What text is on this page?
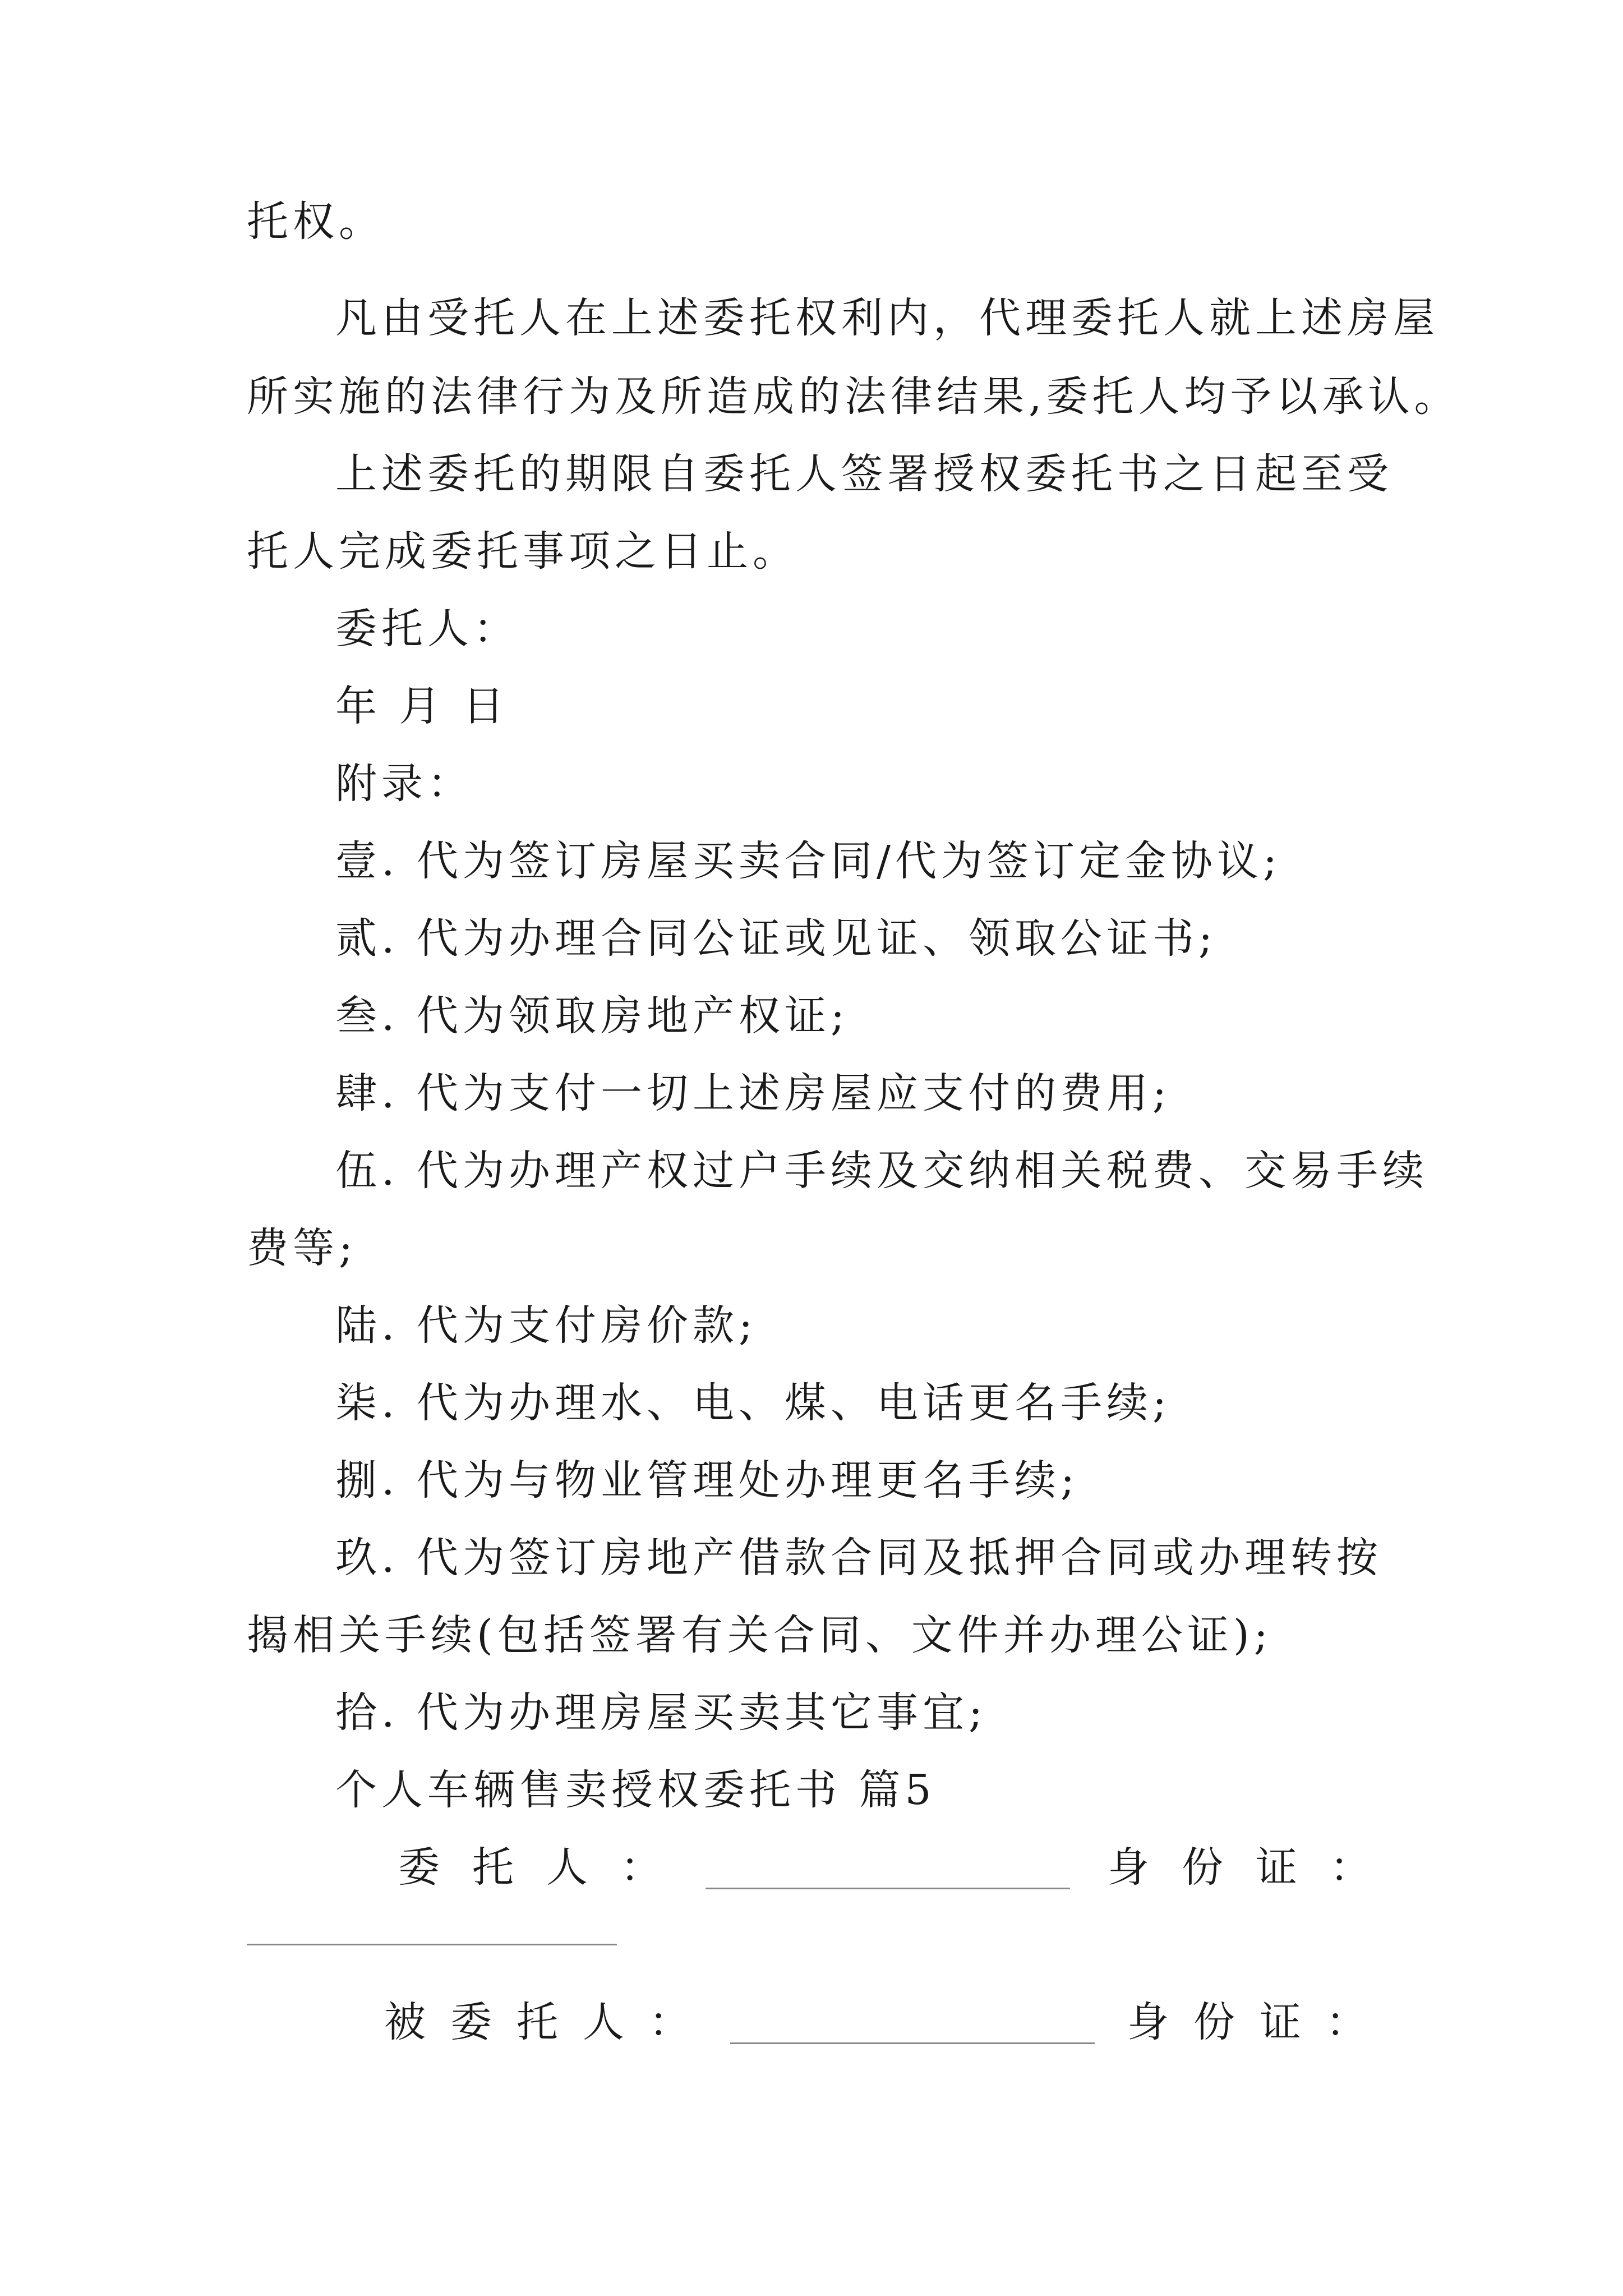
托权。
凡由受托人在上述委托权利内，代理委托人就上述房屋
所实施的法律行为及所造成的法律结果,委托人均予以承认。
上述委托的期限自委托人签署授权委托书之日起至受
托人完成委托事项之日止。
委托人：
年 月 日
附录：
壹. 代为签订房屋买卖合同/代为签订定金协议;
贰. 代为办理合同公证或见证、领取公证书;
叁. 代为领取房地产权证;
肆. 代为支付一切上述房屋应支付的费用;
伍. 代为办理产权过户手续及交纳相关税费、交易手续
费等;
陆. 代为支付房价款;
柒. 代为办理水、电、煤、电话更名手续;
捌. 代为与物业管理处办理更名手续;
玖. 代为签订房地产借款合同及抵押合同或办理转按
揭相关手续(包括签署有关合同、文件并办理公证);
拾. 代为办理房屋买卖其它事宜;
个人车辆售卖授权委托书 篇5
委托人：	身份证：
被委托人：	身份证：
